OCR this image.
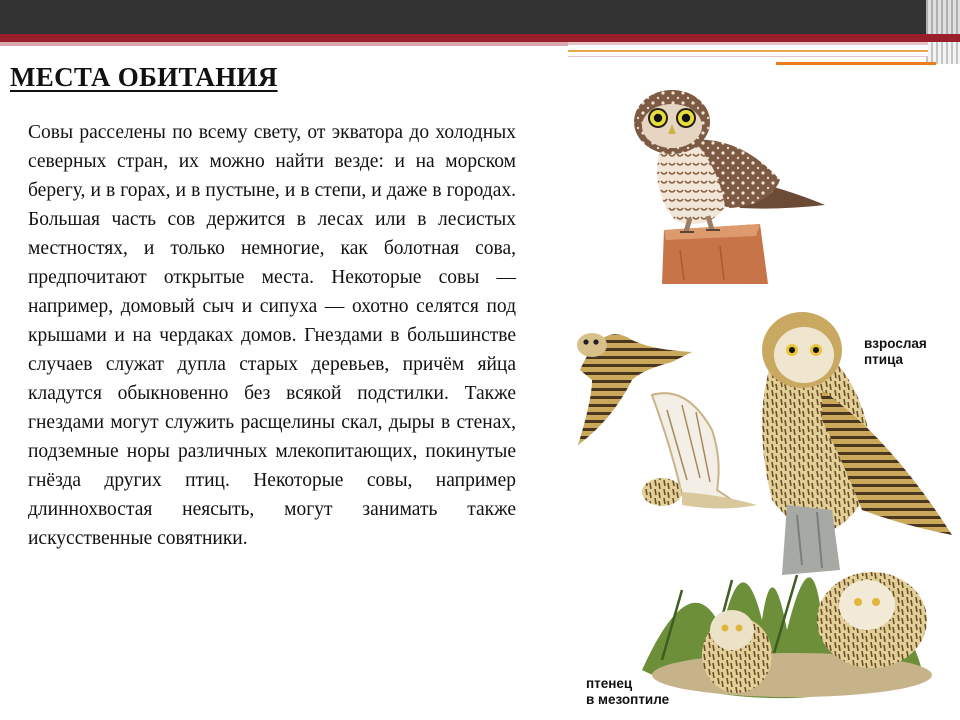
МЕСТА ОБИТАНИЯ

Совы расселены по всему свету, от экватора до холодных северных стран, их можно найти везде: и на морском берегу, и в горах, и в пустыне, и в степи, и даже в городах. Большая часть сов держится в лесах или в лесистых местностях, и только немногие, как болотная сова, предпочитают открытые места. Некоторые совы — например, домовый сыч и сипуха — охотно селятся под крышами и на чердаках домов. Гнездами в большинстве случаев служат дупла старых деревьев, причём яйца кладутся обыкновенно без всякой подстилки. Также гнездами могут служить расщелины скал, дыры в стенах, подземные норы различных млекопитающих, покинутые гнёзда других птиц. Некоторые совы, например длиннохвостая неясыть, могут занимать также искусственные совятники.

взрослая
птица

птенец
в мезоптиле
